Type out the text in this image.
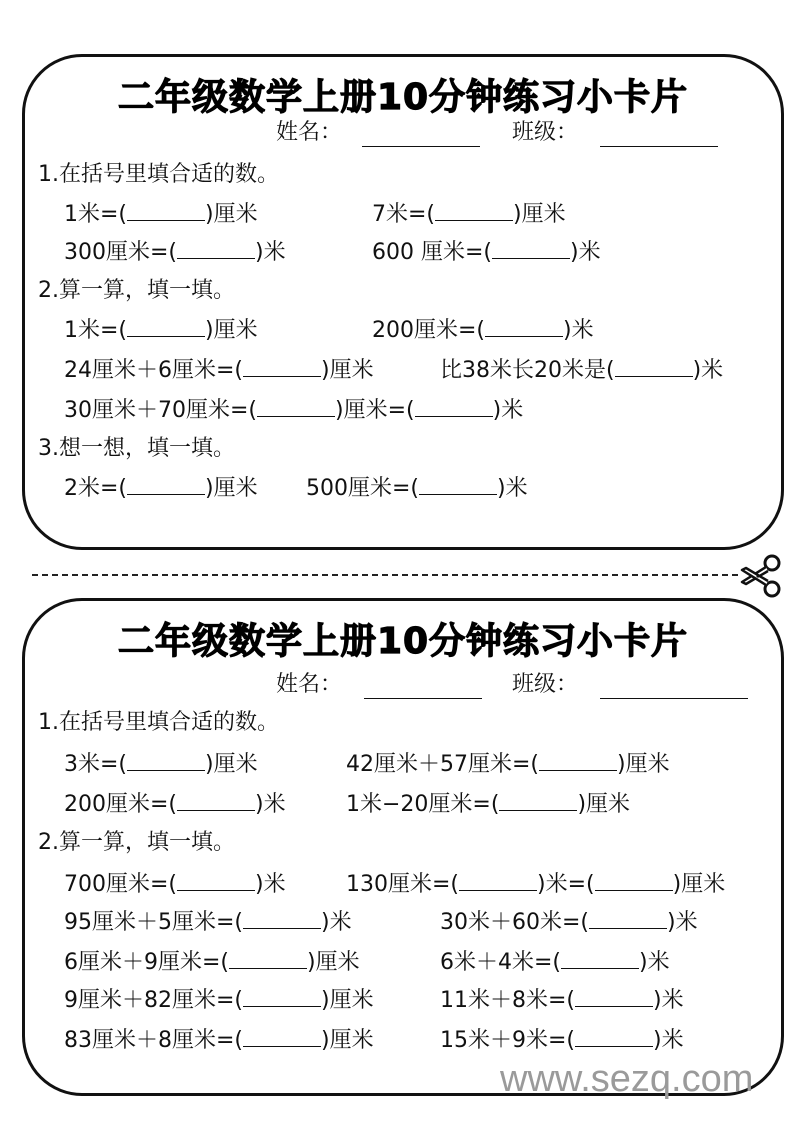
二年级数学上册10分钟练习小卡片
姓名：	班级：
1.在括号里填合适的数。
1米=(	)厘米	7米=(	)厘米
300厘米=(	)米	600 厘米=(	)米
2.算一算，填一填。
1米=(	)厘米	200厘米=(	)米
24厘米＋6厘米=(	)厘米	比38米长20米是(	)米
30厘米＋70厘米=(	)厘米=(	)米
3.想一想，填一填。
2米=(	)厘米 500厘米=(	)米
二年级数学上册10分钟练习小卡片
姓名：	班级：
1.在括号里填合适的数。
3米=(	)厘米	42厘米＋57厘米=(	)厘米
200厘米=(	)米	1米−20厘米=(	)厘米
2.算一算，填一填。
700厘米=(	)米	130厘米=(	)米=(	)厘米
95厘米＋5厘米=(	)米	30米＋60米=(	)米
6厘米＋9厘米=(	)厘米	6米＋4米=(	)米
9厘米＋82厘米=(	)厘米	11米＋8米=(	)米
83厘米＋8厘米=(	)厘米	15米＋9米=(	)米
www.sezq.com
